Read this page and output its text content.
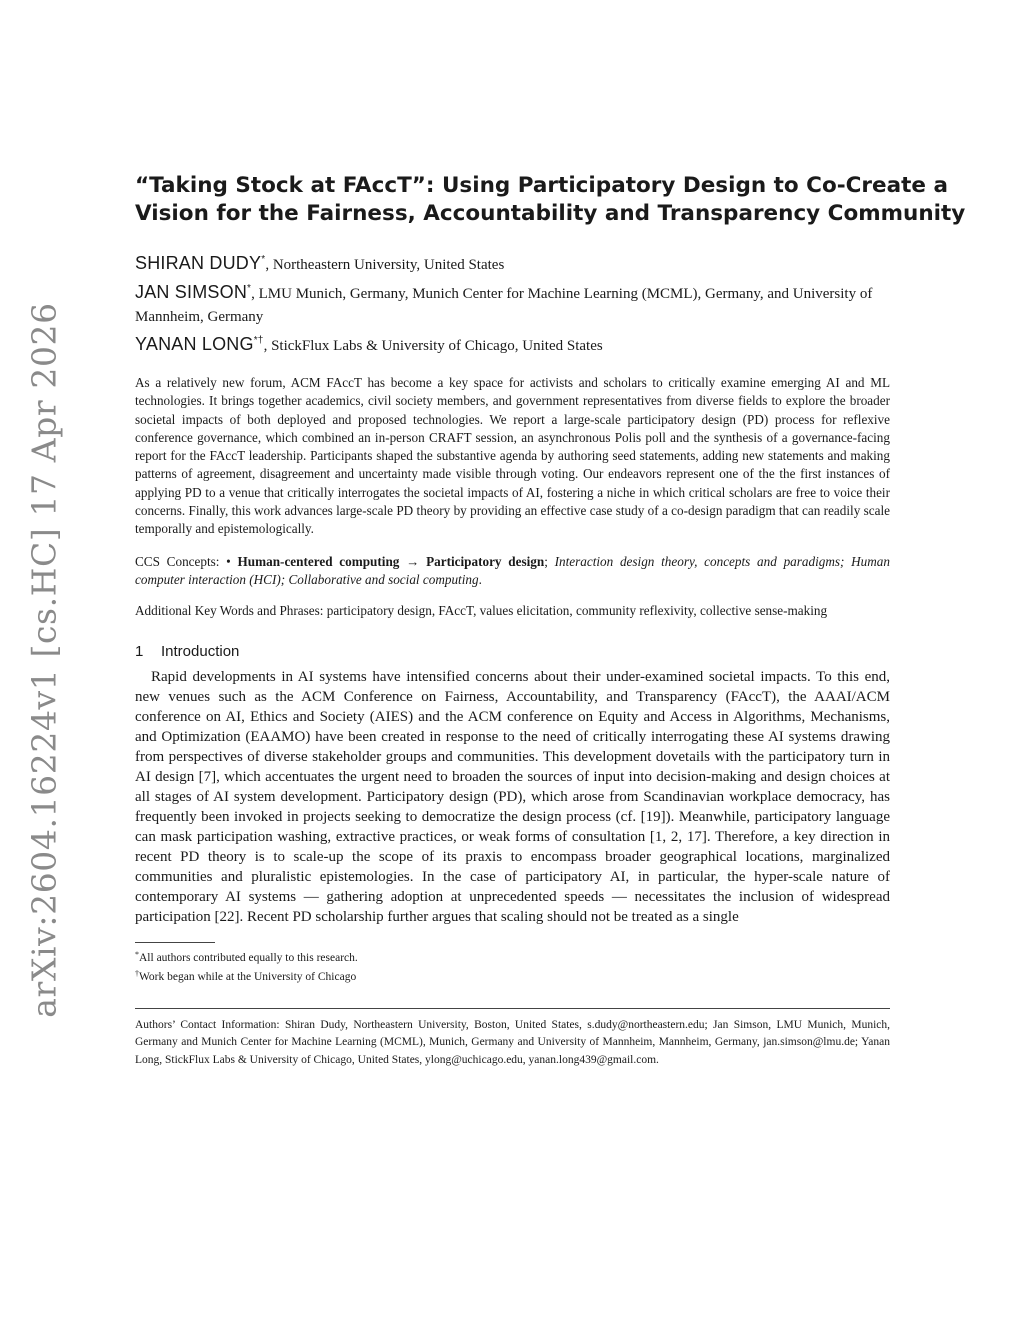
arXiv:2604.16224v1 [cs.HC] 17 Apr 2026
“Taking Stock at FAccT”: Using Participatory Design to Co-Create a
Vision for the Fairness, Accountability and Transparency Community
SHIRAN DUDY*, Northeastern University, United States
JAN SIMSON*, LMU Munich, Germany, Munich Center for Machine Learning (MCML), Germany, and University of Mannheim, Germany
YANAN LONG*†, StickFlux Labs & University of Chicago, United States

As a relatively new forum, ACM FAccT has become a key space for activists and scholars to critically examine emerging AI and ML technologies. It brings together academics, civil society members, and government representatives from diverse fields to explore the broader societal impacts of both deployed and proposed technologies. We report a large-scale participatory design (PD) process for reflexive conference governance, which combined an in-person CRAFT session, an asynchronous Polis poll and the synthesis of a governance-facing report for the FAccT leadership. Participants shaped the substantive agenda by authoring seed statements, adding new statements and making patterns of agreement, disagreement and uncertainty made visible through voting. Our endeavors represent one of the the first instances of applying PD to a venue that critically interrogates the societal impacts of AI, fostering a niche in which critical scholars are free to voice their concerns. Finally, this work advances large-scale PD theory by providing an effective case study of a co-design paradigm that can readily scale temporally and epistemologically.

CCS Concepts: • Human-centered computing → Participatory design; Interaction design theory, concepts and paradigms; Human computer interaction (HCI); Collaborative and social computing.

Additional Key Words and Phrases: participatory design, FAccT, values elicitation, community reflexivity, collective sense-making

1 Introduction

Rapid developments in AI systems have intensified concerns about their under-examined societal impacts. To this end, new venues such as the ACM Conference on Fairness, Accountability, and Transparency (FAccT), the AAAI/ACM conference on AI, Ethics and Society (AIES) and the ACM conference on Equity and Access in Algorithms, Mechanisms, and Optimization (EAAMO) have been created in response to the need of critically interrogating these AI systems drawing from perspectives of diverse stakeholder groups and communities. This development dovetails with the participatory turn in AI design [7], which accentuates the urgent need to broaden the sources of input into decision-making and design choices at all stages of AI system development. Participatory design (PD), which arose from Scandinavian workplace democracy, has frequently been invoked in projects seeking to democratize the design process (cf. [19]). Meanwhile, participatory language can mask participation washing, extractive practices, or weak forms of consultation [1, 2, 17]. Therefore, a key direction in recent PD theory is to scale-up the scope of its praxis to encompass broader geographical locations, marginalized communities and pluralistic epistemologies. In the case of participatory AI, in particular, the hyper-scale nature of contemporary AI systems — gathering adoption at unprecedented speeds — necessitates the inclusion of widespread participation [22]. Recent PD scholarship further argues that scaling should not be treated as a single

*All authors contributed equally to this research.
†Work began while at the University of Chicago

Authors’ Contact Information: Shiran Dudy, Northeastern University, Boston, United States, s.dudy@northeastern.edu; Jan Simson, LMU Munich, Munich, Germany and Munich Center for Machine Learning (MCML), Munich, Germany and University of Mannheim, Mannheim, Germany, jan.simson@lmu.de; Yanan Long, StickFlux Labs & University of Chicago, United States, ylong@uchicago.edu, yanan.long439@gmail.com.
